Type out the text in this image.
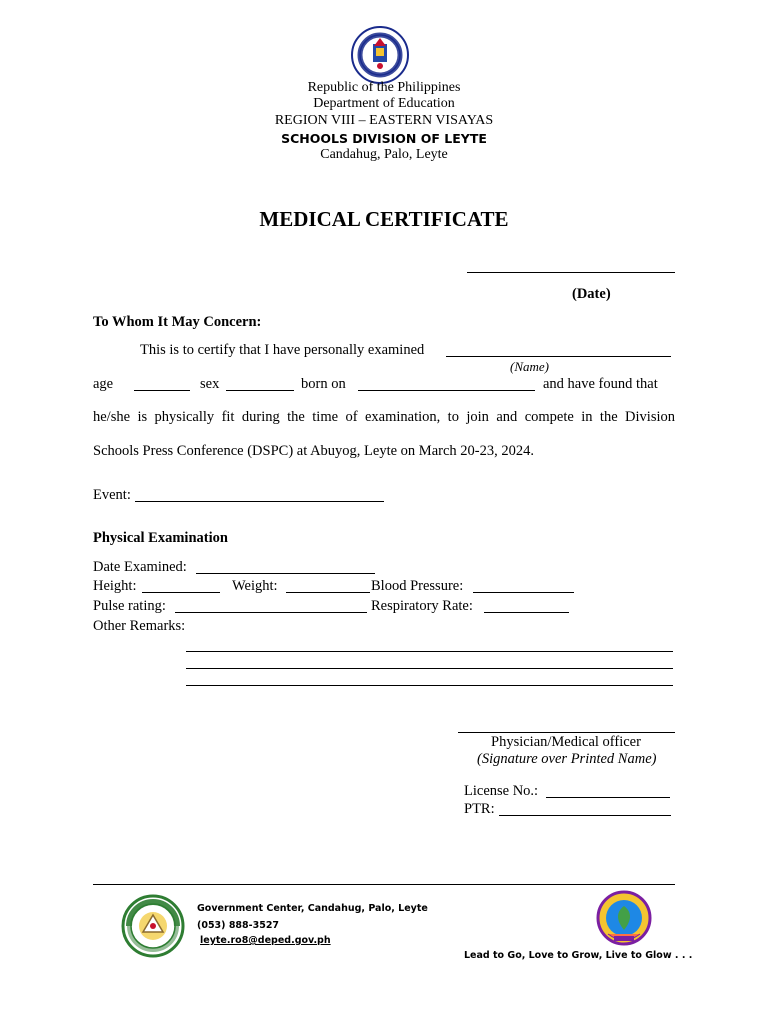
Republic of the Philippines
Department of Education
REGION VIII – EASTERN VISAYAS
SCHOOLS DIVISION OF LEYTE
Candahug, Palo, Leyte
MEDICAL CERTIFICATE
(Date)
To Whom It May Concern:
This is to certify that I have personally examined
(Name)
age	sex	born on	and have found that
he/she is physically fit during the time of examination, to join and compete in the Division
Schools Press Conference (DSPC) at Abuyog, Leyte on March 20-23, 2024.
Event:
Physical Examination
Date Examined:
Height:	Weight:	Blood Pressure:
Pulse rating:	Respiratory Rate:
Other Remarks:
Physician/Medical officer
(Signature over Printed Name)
License No.:
PTR:
Government Center, Candahug, Palo, Leyte
(053) 888-3527
leyte.ro8@deped.gov.ph
Lead to Go, Love to Grow, Live to Glow . . .
